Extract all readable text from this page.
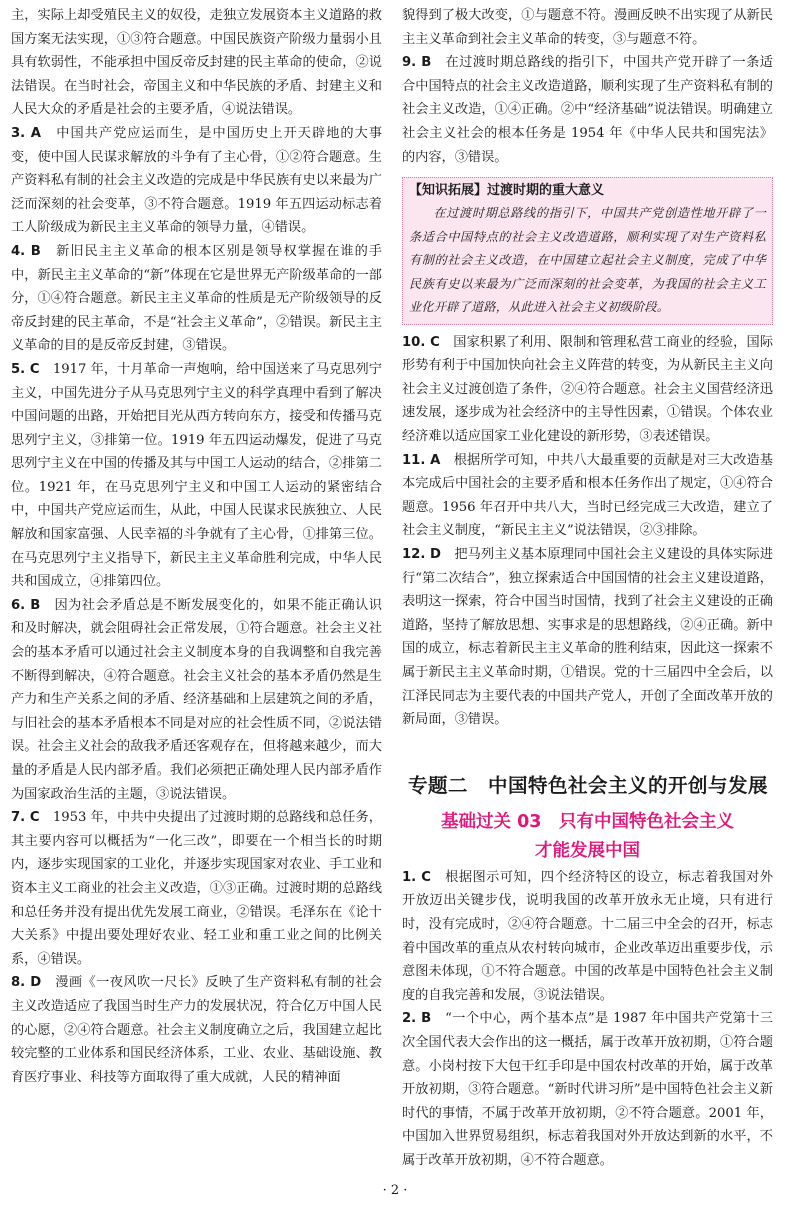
主，实际上却受殖民主义的奴役，走独立发展资本主义道路的救国方案无法实现，①③符合题意。中国民族资产阶级力量弱小且具有软弱性，不能承担中国反帝反封建的民主革命的使命，②说法错误。在当时社会，帝国主义和中华民族的矛盾、封建主义和人民大众的矛盾是社会的主要矛盾，④说法错误。

3. A　 中国共产党应运而生，是中国历史上开天辟地的大事变，使中国人民谋求解放的斗争有了主心骨，①②符合题意。生产资料私有制的社会主义改造的完成是中华民族有史以来最为广泛而深刻的社会变革，③不符合题意。1919 年五四运动标志着工人阶级成为新民主主义革命的领导力量，④错误。

4. B　 新旧民主主义革命的根本区别是领导权掌握在谁的手中，新民主主义革命的“新”体现在它是世界无产阶级革命的一部分，①④符合题意。新民主主义革命的性质是无产阶级领导的反帝反封建的民主革命，不是“社会主义革命”，②错误。新民主主义革命的目的是反帝反封建，③错误。

5. C　 1917 年，十月革命一声炮响，给中国送来了马克思列宁主义，中国先进分子从马克思列宁主义的科学真理中看到了解决中国问题的出路，开始把目光从西方转向东方，接受和传播马克思列宁主义，③排第一位。1919 年五四运动爆发，促进了马克思列宁主义在中国的传播及其与中国工人运动的结合，②排第二位。1921 年，在马克思列宁主义和中国工人运动的紧密结合中，中国共产党应运而生，从此，中国人民谋求民族独立、人民解放和国家富强、人民幸福的斗争就有了主心骨，①排第三位。在马克思列宁主义指导下，新民主主义革命胜利完成，中华人民共和国成立，④排第四位。

6. B　 因为社会矛盾总是不断发展变化的，如果不能正确认识和及时解决，就会阻碍社会正常发展，①符合题意。社会主义社会的基本矛盾可以通过社会主义制度本身的自我调整和自我完善不断得到解决，④符合题意。社会主义社会的基本矛盾仍然是生产力和生产关系之间的矛盾、经济基础和上层建筑之间的矛盾，与旧社会的基本矛盾根本不同是对应的社会性质不同，②说法错误。社会主义社会的敌我矛盾还客观存在，但将越来越少，而大量的矛盾是人民内部矛盾。我们必须把正确处理人民内部矛盾作为国家政治生活的主题，③说法错误。

7. C　 1953 年，中共中央提出了过渡时期的总路线和总任务，其主要内容可以概括为“一化三改”，即要在一个相当长的时期内，逐步实现国家的工业化，并逐步实现国家对农业、手工业和资本主义工商业的社会主义改造，①③正确。过渡时期的总路线和总任务并没有提出优先发展工商业，②错误。毛泽东在《论十大关系》中提出要处理好农业、轻工业和重工业之间的比例关系，④错误。

8. D　 漫画《一夜风吹一尺长》反映了生产资料私有制的社会主义改造适应了我国当时生产力的发展状况，符合亿万中国人民的心愿，②④符合题意。社会主义制度确立之后，我国建立起比较完整的工业体系和国民经济体系，工业、农业、基础设施、教育医疗事业、科技等方面取得了重大成就，人民的精神面

貌得到了极大改变，①与题意不符。漫画反映不出实现了从新民主主义革命到社会主义革命的转变，③与题意不符。

9. B　 在过渡时期总路线的指引下，中国共产党开辟了一条适合中国特点的社会主义改造道路，顺利实现了生产资料私有制的社会主义改造，①④正确。②中“经济基础”说法错误。明确建立社会主义社会的根本任务是 1954 年《中华人民共和国宪法》的内容，③错误。

【知识拓展】过渡时期的重大意义
在过渡时期总路线的指引下，中国共产党创造性地开辟了一条适合中国特点的社会主义改造道路，顺利实现了对生产资料私有制的社会主义改造，在中国建立起社会主义制度，完成了中华民族有史以来最为广泛而深刻的社会变革，为我国的社会主义工业化开辟了道路，从此进入社会主义初级阶段。

10. C　 国家积累了利用、限制和管理私营工商业的经验，国际形势有利于中国加快向社会主义阵营的转变，为从新民主主义向社会主义过渡创造了条件，②④符合题意。社会主义国营经济迅速发展，逐步成为社会经济中的主导性因素，①错误。个体农业经济难以适应国家工业化建设的新形势，③表述错误。

11. A　 根据所学可知，中共八大最重要的贡献是对三大改造基本完成后中国社会的主要矛盾和根本任务作出了规定，①④符合题意。1956 年召开中共八大，当时已经完成三大改造，建立了社会主义制度，“新民主主义”说法错误，②③排除。

12. D　 把马列主义基本原理同中国社会主义建设的具体实际进行“第二次结合”，独立探索适合中国国情的社会主义建设道路，表明这一探索，符合中国当时国情，找到了社会主义建设的正确道路，坚持了解放思想、实事求是的思想路线，②④正确。新中国的成立，标志着新民主主义革命的胜利结束，因此这一探索不属于新民主主义革命时期，①错误。党的十三届四中全会后，以江泽民同志为主要代表的中国共产党人，开创了全面改革开放的新局面，③错误。

专题二　中国特色社会主义的开创与发展
基础过关 03　只有中国特色社会主义
才能发展中国

1. C　 根据图示可知，四个经济特区的设立，标志着我国对外开放迈出关键步伐，说明我国的改革开放永无止境，只有进行时，没有完成时，②④符合题意。十二届三中全会的召开，标志着中国改革的重点从农村转向城市，企业改革迈出重要步伐，示意图未体现，①不符合题意。中国的改革是中国特色社会主义制度的自我完善和发展，③说法错误。

2. B　 “一个中心，两个基本点”是 1987 年中国共产党第十三次全国代表大会作出的这一概括，属于改革开放初期，①符合题意。小岗村按下大包干红手印是中国农村改革的开始，属于改革开放初期，③符合题意。“新时代讲习所”是中国特色社会主义新时代的事情，不属于改革开放初期，②不符合题意。2001 年，中国加入世界贸易组织，标志着我国对外开放达到新的水平，不属于改革开放初期，④不符合题意。

· 2 ·
